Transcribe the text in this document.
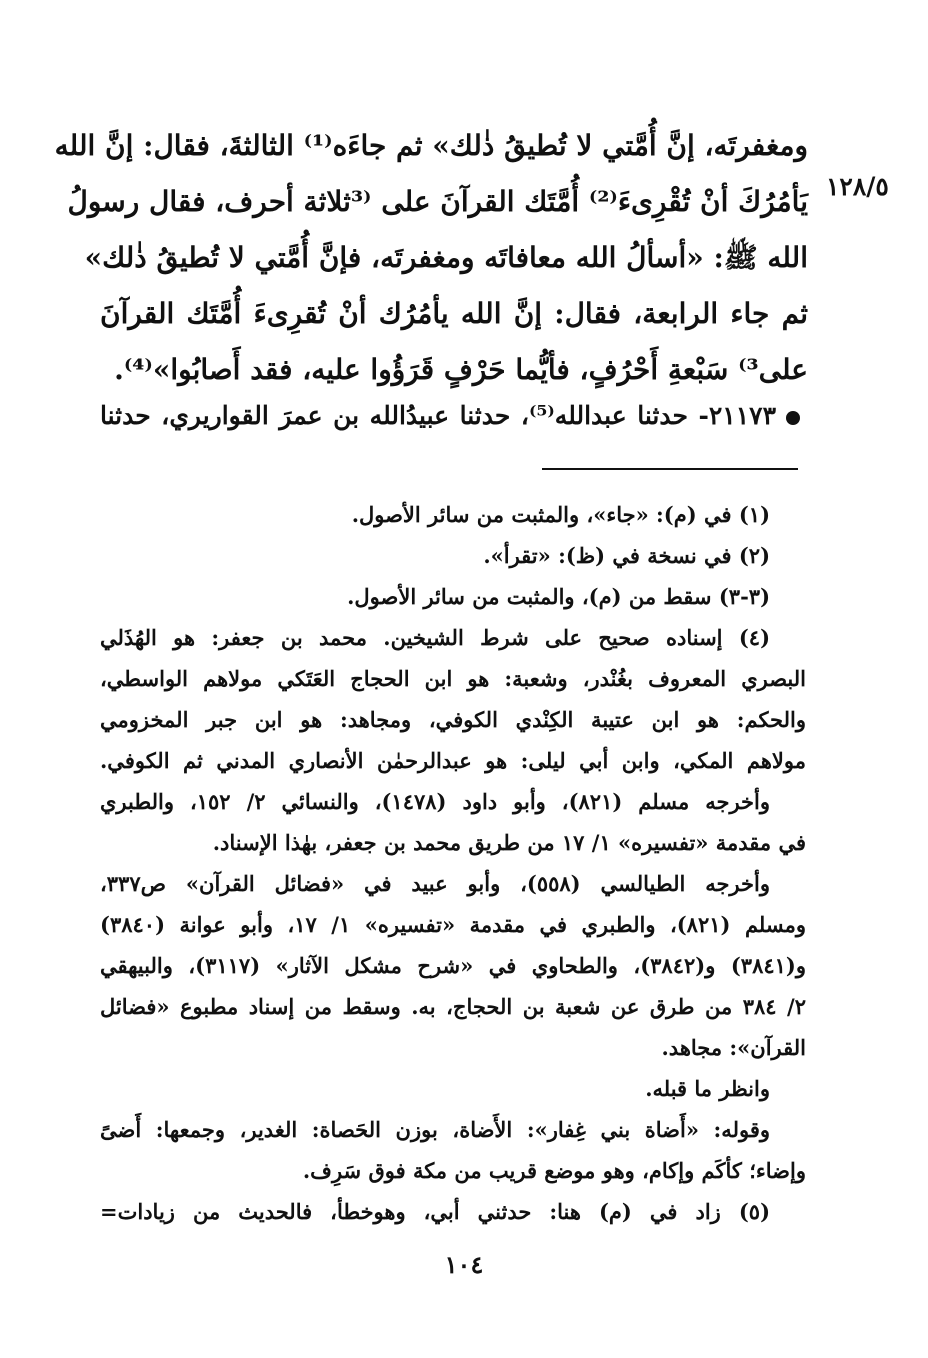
١٢٨/٥
ومغفرتَه، إنَّ أُمَّتي لا تُطيقُ ذٰلك» ثم جاءَه⁽¹⁾ الثالثةَ، فقال: إنَّ الله
يَأمُرُكَ أنْ تُقْرِىءَ⁽²⁾ أُمَّتَك القرآنَ على ⁽³ثلاثة أحرف، فقال رسولُ
الله ﷺ: «أسألُ الله معافاتَه ومغفرتَه، فإنَّ أُمَّتي لا تُطيقُ ذٰلك»
ثم جاء الرابعة، فقال: إنَّ الله يأمُرُك أنْ تُقرِىءَ أُمَّتَك القرآنَ
على³⁾ سَبْعةِ أَحْرُفٍ، فأيُّما حَرْفٍ قَرَؤُوا عليه، فقد أَصابُوا»⁽⁴⁾.
٢١١٧٣- حدثنا عبدالله⁽⁵⁾، حدثنا عبيدُالله بن عمرَ القواريري، حدثنا
(١) في (م): «جاء»، والمثبت من سائر الأصول.
(٢) في نسخة في (ظ): «تقرأ».
(٣-٣) سقط من (م)، والمثبت من سائر الأصول.
(٤) إسناده صحيح على شرط الشيخين. محمد بن جعفر: هو الهُذَلي
البصري المعروف بغُنْدر، وشعبة: هو ابن الحجاج العَتَكي مولاهم الواسطي،
والحكم: هو ابن عتيبة الكِنْدي الكوفي، ومجاهد: هو ابن جبر المخزومي
مولاهم المكي، وابن أبي ليلى: هو عبدالرحمٰن الأنصاري المدني ثم الكوفي.
وأخرجه مسلم (٨٢١)، وأبو داود (١٤٧٨)، والنسائي ٢/ ١٥٢، والطبري
في مقدمة «تفسيره» ١/ ١٧ من طريق محمد بن جعفر، بهٰذا الإسناد.
وأخرجه الطيالسي (٥٥٨)، وأبو عبيد في «فضائل القرآن» ص٣٣٧،
ومسلم (٨٢١)، والطبري في مقدمة «تفسيره» ١/ ١٧، وأبو عوانة (٣٨٤٠)
و(٣٨٤١) و(٣٨٤٢)، والطحاوي في «شرح مشكل الآثار» (٣١١٧)، والبيهقي
٢/ ٣٨٤ من طرق عن شعبة بن الحجاج، به. وسقط من إسناد مطبوع «فضائل
القرآن»: مجاهد.
وانظر ما قبله.
وقوله: «أَضاة بني غِفار»: الأَضاة، بوزن الحَصاة: الغدير، وجمعها: أَضىً
وإضاء؛ كأكَم وإكام، وهو موضع قريب من مكة فوق سَرِف.
(٥) زاد في (م) هنا: حدثني أبي، وهوخطأ، فالحديث من زيادات=
١٠٤
